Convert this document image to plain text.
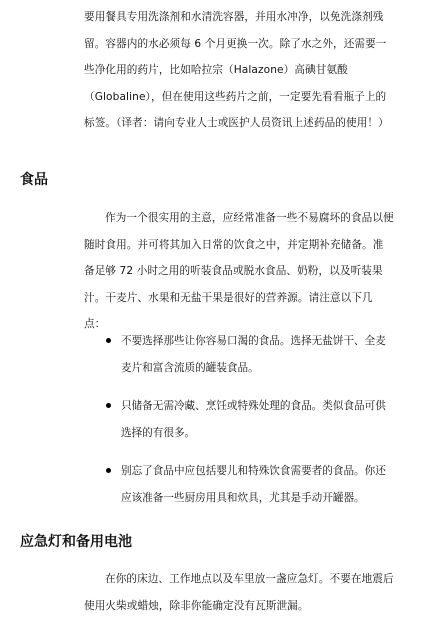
要用餐具专用洗涤剂和水清洗容器，并用水冲净，以免洗涤剂残留。容器内的水必须每 6 个月更换一次。除了水之外，还需要一些净化用的药片，比如哈拉宗（Halazone）高碘甘氨酸（Globaline），但在使用这些药片之前，一定要先看看瓶子上的标签。（译者：请向专业人士或医护人员资讯上述药品的使用！）

食品

作为一个很实用的主意，应经常准备一些不易腐坏的食品以便随时食用。并可将其加入日常的饮食之中，并定期补充储备。准备足够 72 小时之用的听装食品或脱水食品、奶粉，以及听装果汁。干麦片、水果和无盐干果是很好的营养源。请注意以下几点：

不要选择那些让你容易口渴的食品。选择无盐饼干、全麦麦片和富含流质的罐装食品。
只储备无需冷藏、烹饪或特殊处理的食品。类似食品可供选择的有很多。
别忘了食品中应包括婴儿和特殊饮食需要者的食品。你还应该准备一些厨房用具和炊具，尤其是手动开罐器。
应急灯和备用电池

在你的床边、工作地点以及车里放一盏应急灯。不要在地震后使用火柴或蜡烛，除非你能确定没有瓦斯泄漏。
